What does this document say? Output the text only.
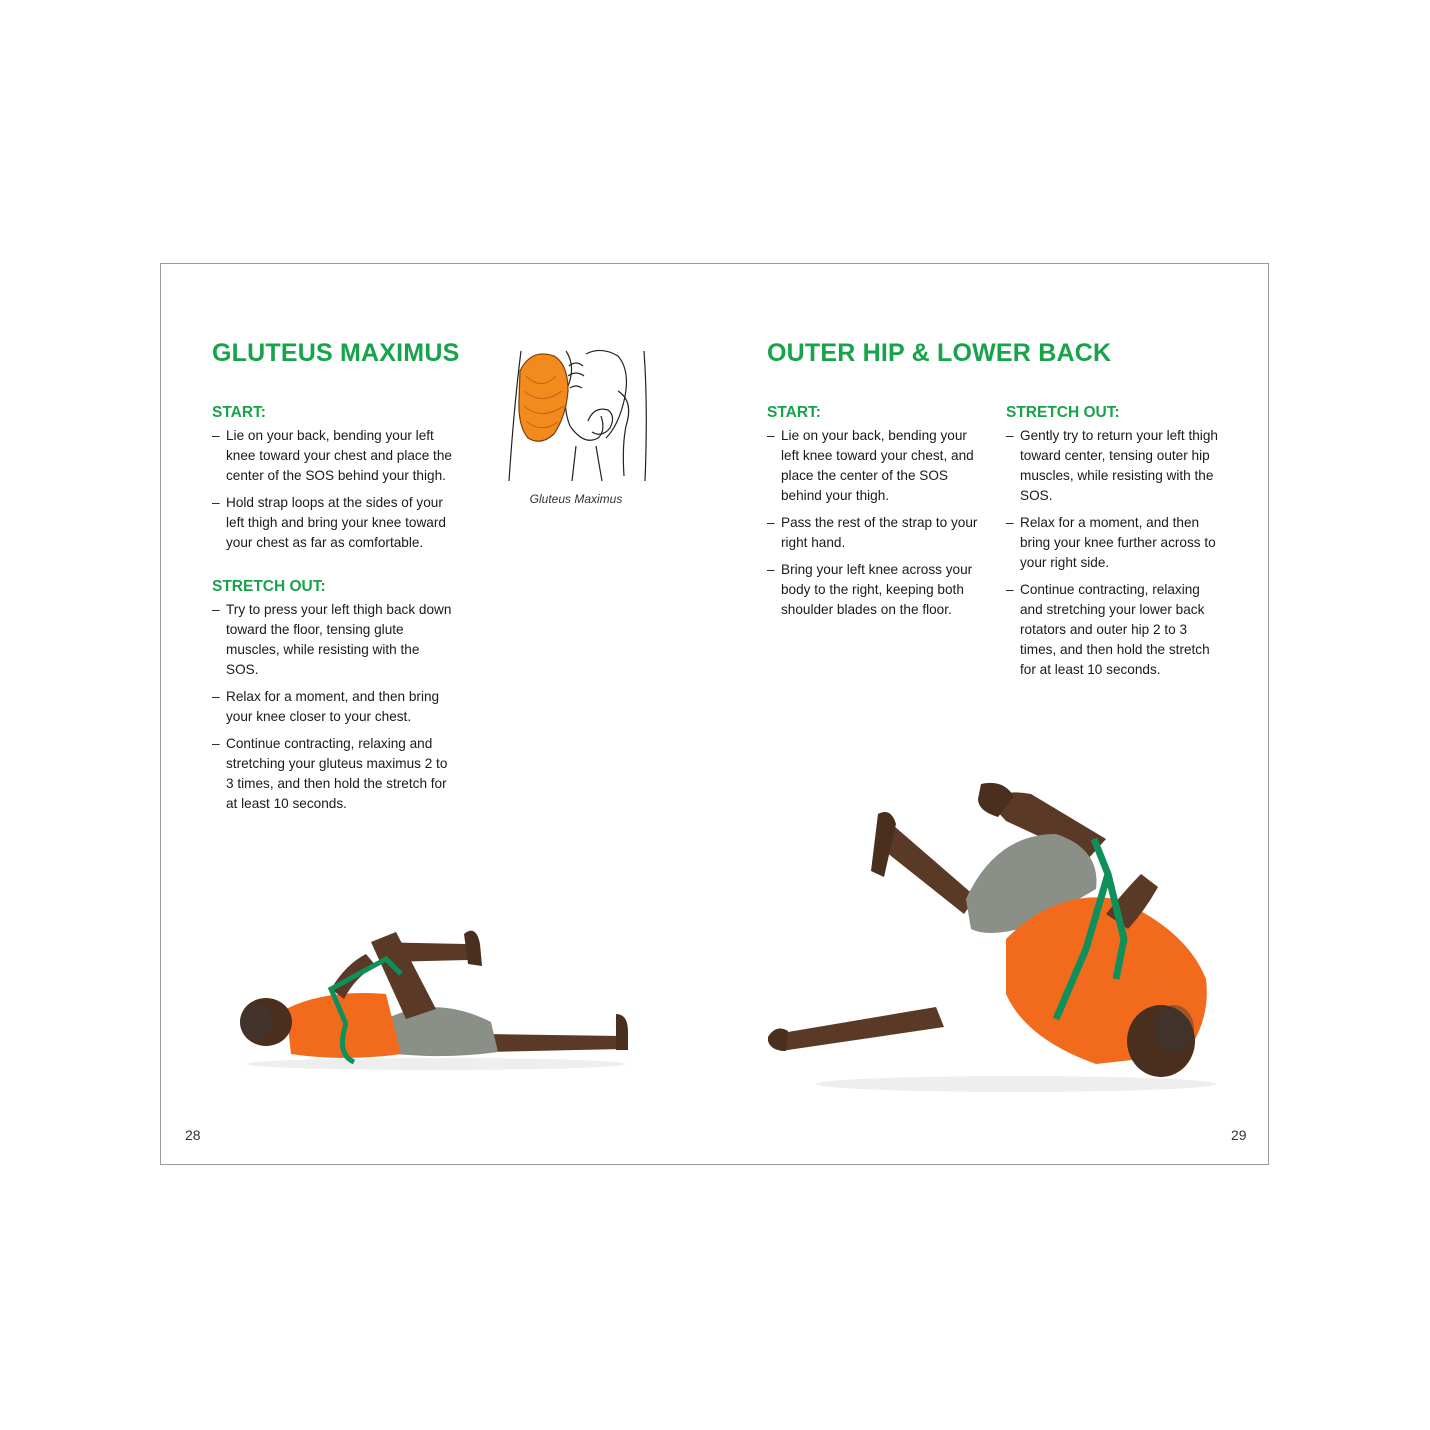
GLUTEUS MAXIMUS
START:
– Lie on your back, bending your left knee toward your chest and place the center of the SOS behind your thigh.
– Hold strap loops at the sides of your left thigh and bring your knee toward your chest as far as comfortable.
STRETCH OUT:
– Try to press your left thigh back down toward the floor, tensing glute muscles, while resisting with the SOS.
– Relax for a moment, and then bring your knee closer to your chest.
– Continue contracting, relaxing and stretching your gluteus maximus 2 to 3 times, and then hold the stretch for at least 10 seconds.
Gluteus Maximus
28
OUTER HIP & LOWER BACK
START:
– Lie on your back, bending your left knee toward your chest, and place the center of the SOS behind your thigh.
– Pass the rest of the strap to your right hand.
– Bring your left knee across your body to the right, keeping both shoulder blades on the floor.
STRETCH OUT:
– Gently try to return your left thigh toward center, tensing outer hip muscles, while resisting with the SOS.
– Relax for a moment, and then bring your knee further across to your right side.
– Continue contracting, relaxing and stretching your lower back rotators and outer hip 2 to 3 times, and then hold the stretch for at least 10 seconds.
29
